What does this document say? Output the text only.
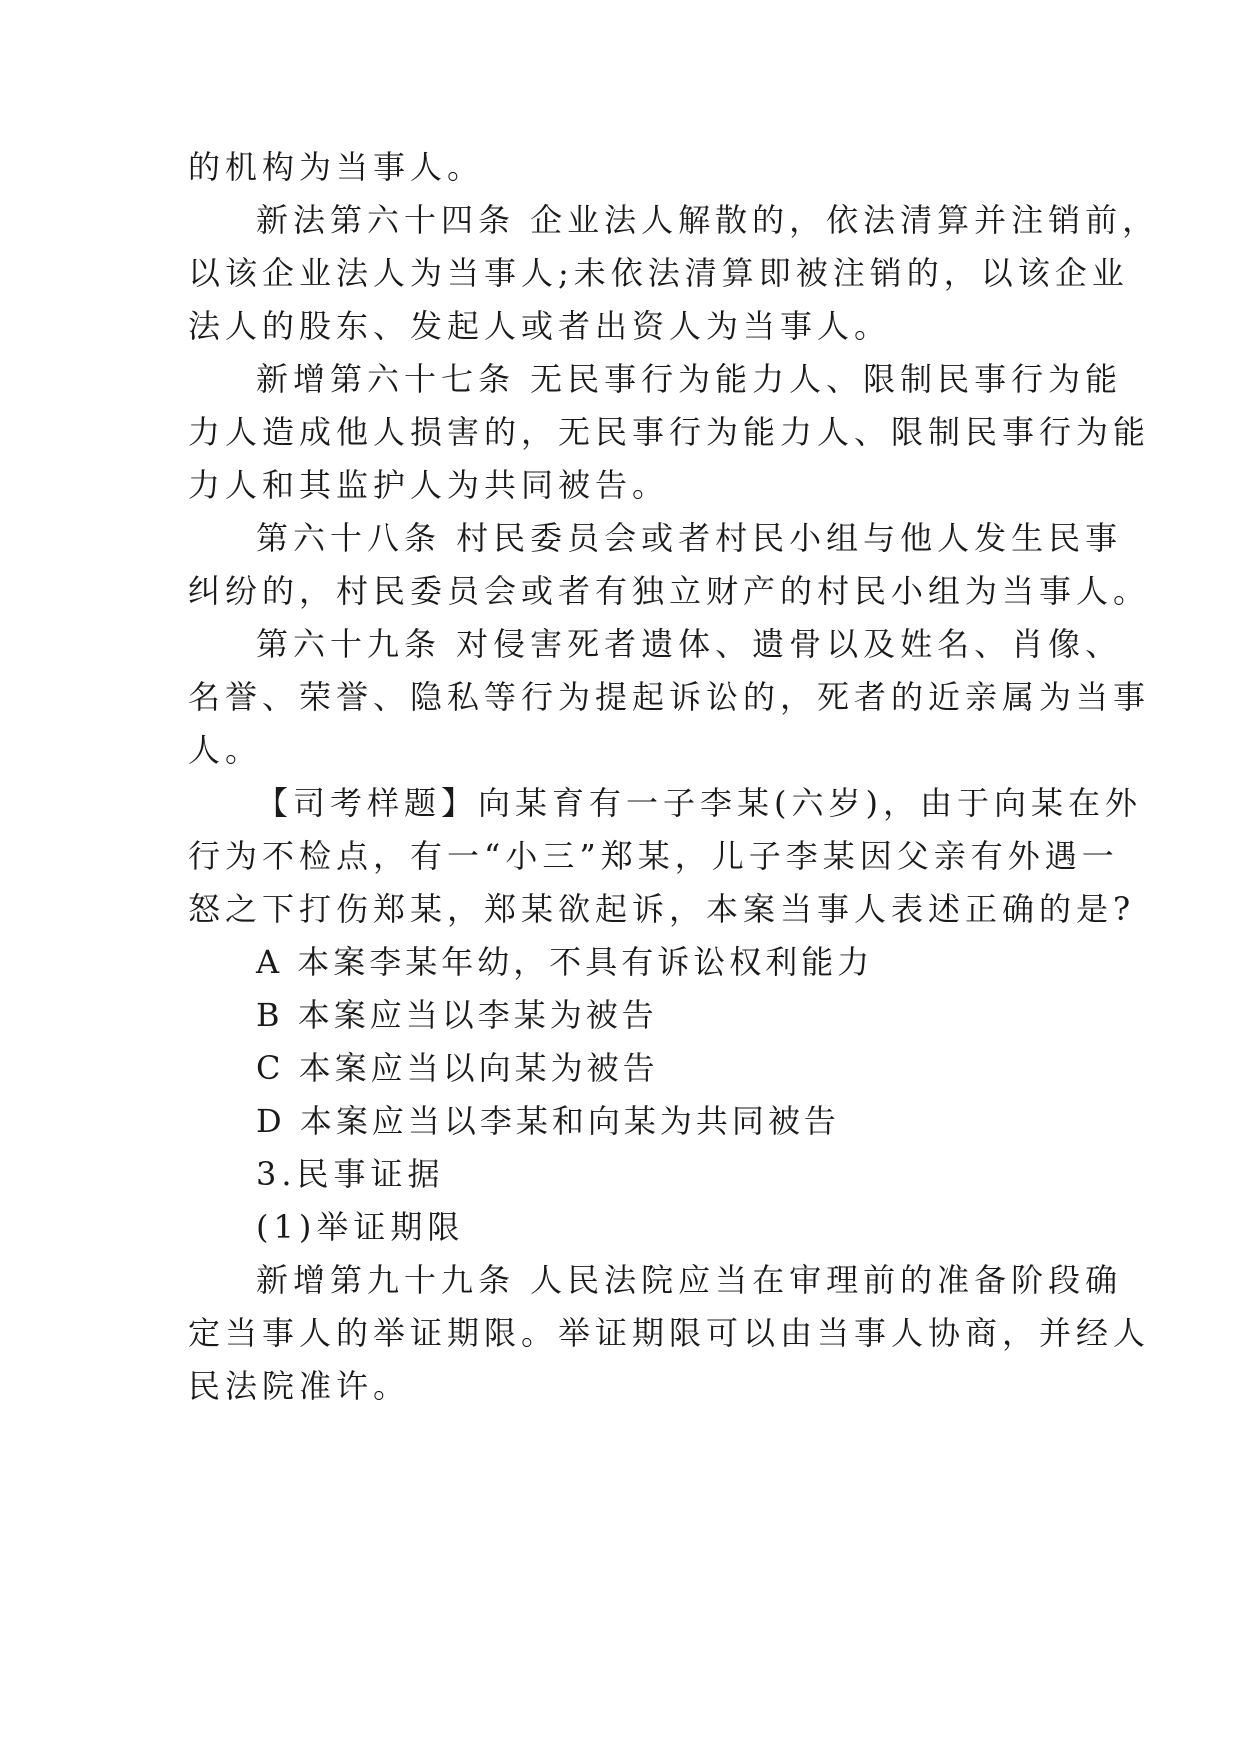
的机构为当事人。
新法第六十四条 企业法人解散的，依法清算并注销前，
以该企业法人为当事人;未依法清算即被注销的，以该企业
法人的股东、发起人或者出资人为当事人。
新增第六十七条 无民事行为能力人、限制民事行为能
力人造成他人损害的，无民事行为能力人、限制民事行为能
力人和其监护人为共同被告。
第六十八条 村民委员会或者村民小组与他人发生民事
纠纷的，村民委员会或者有独立财产的村民小组为当事人。
第六十九条 对侵害死者遗体、遗骨以及姓名、肖像、
名誉、荣誉、隐私等行为提起诉讼的，死者的近亲属为当事
人。
【司考样题】向某育有一子李某(六岁)，由于向某在外
行为不检点，有一“小三”郑某，儿子李某因父亲有外遇一
怒之下打伤郑某，郑某欲起诉，本案当事人表述正确的是?
A 本案李某年幼，不具有诉讼权利能力
B 本案应当以李某为被告
C 本案应当以向某为被告
D 本案应当以李某和向某为共同被告
3.民事证据
(1)举证期限
新增第九十九条 人民法院应当在审理前的准备阶段确
定当事人的举证期限。举证期限可以由当事人协商，并经人
民法院准许。
